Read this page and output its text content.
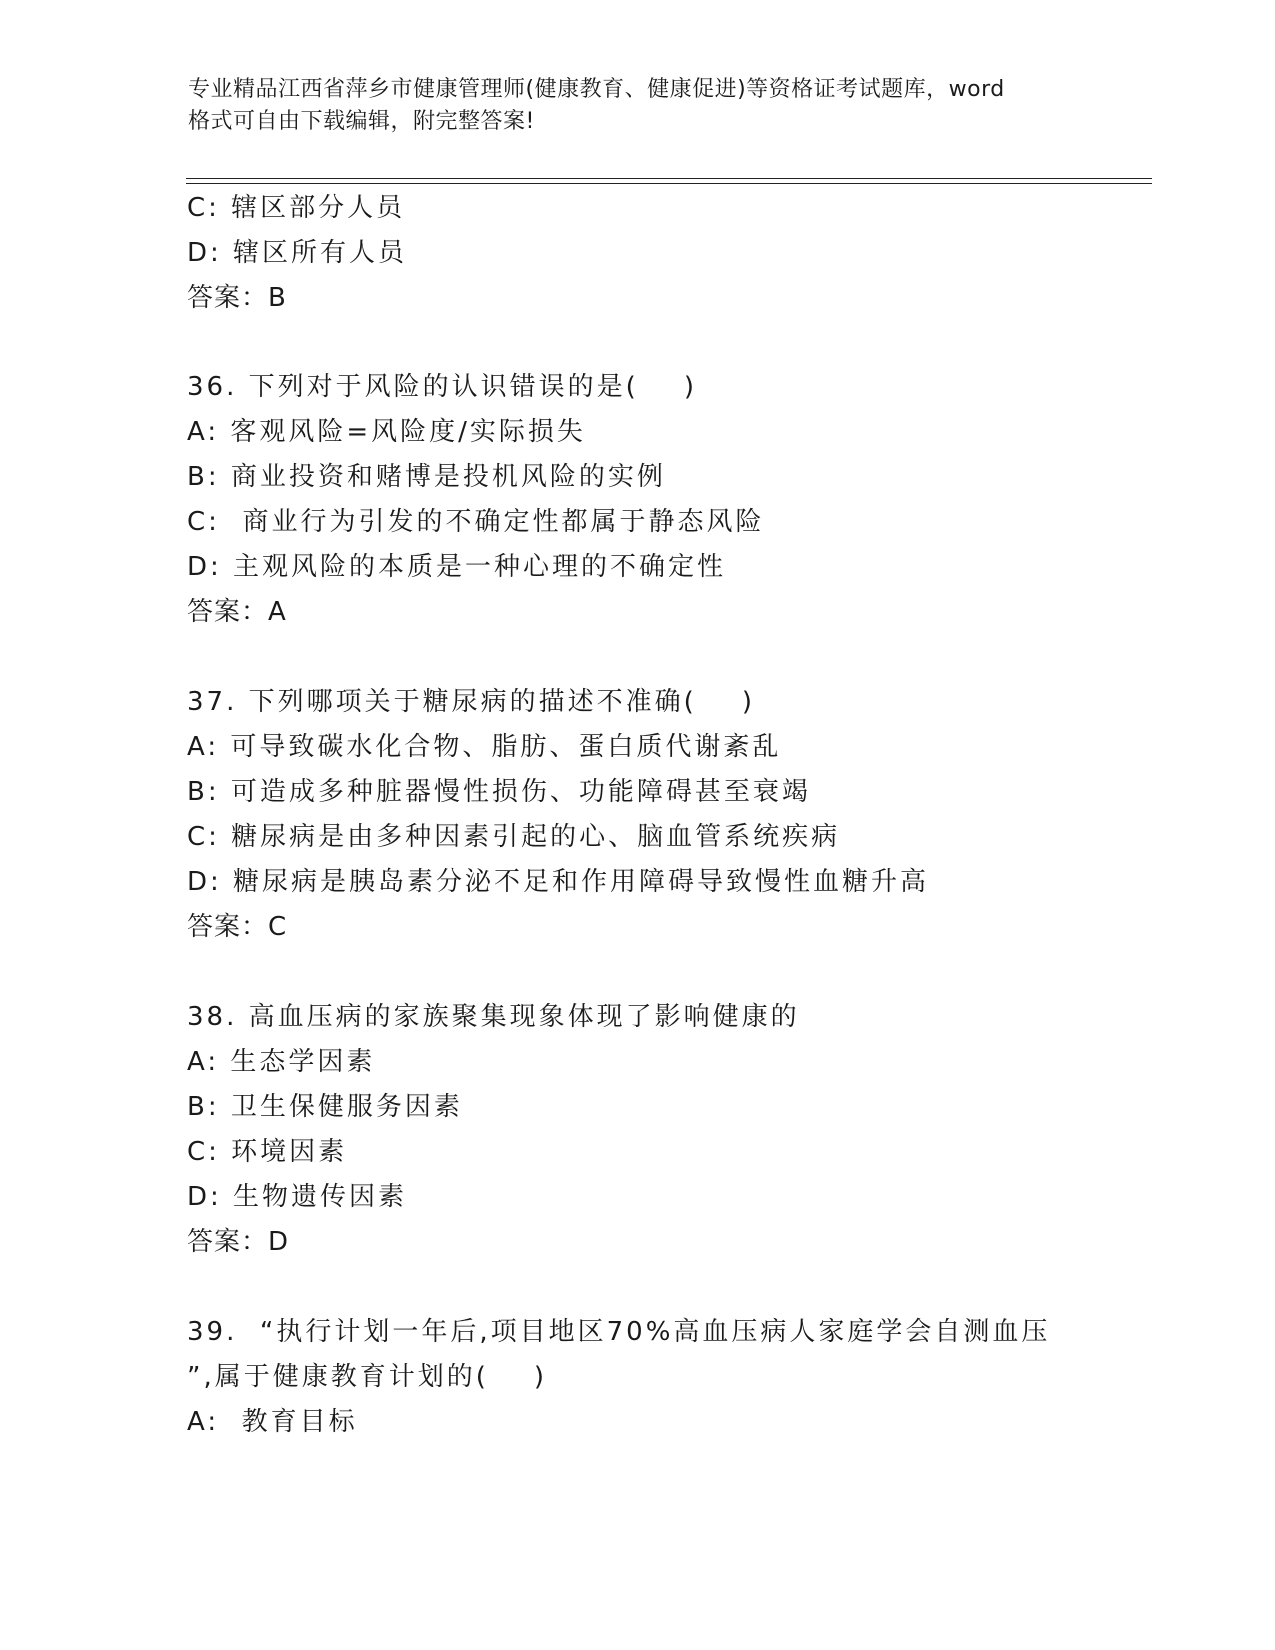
专业精品江西省萍乡市健康管理师(健康教育、健康促进)等资格证考试题库，word
格式可自由下载编辑，附完整答案!
C: 辖区部分人员
D: 辖区所有人员
答案：B
36. 下列对于风险的认识错误的是(    )
A: 客观风险=风险度/实际损失
B: 商业投资和赌博是投机风险的实例
C:  商业行为引发的不确定性都属于静态风险
D: 主观风险的本质是一种心理的不确定性
答案：A
37. 下列哪项关于糖尿病的描述不准确(    )
A: 可导致碳水化合物、脂肪、蛋白质代谢紊乱
B: 可造成多种脏器慢性损伤、功能障碍甚至衰竭
C: 糖尿病是由多种因素引起的心、脑血管系统疾病
D: 糖尿病是胰岛素分泌不足和作用障碍导致慢性血糖升高
答案：C
38. 高血压病的家族聚集现象体现了影响健康的
A: 生态学因素
B: 卫生保健服务因素
C: 环境因素
D: 生物遗传因素
答案：D
39.  “执行计划一年后,项目地区70%高血压病人家庭学会自测血压
”,属于健康教育计划的(    )
A:  教育目标
